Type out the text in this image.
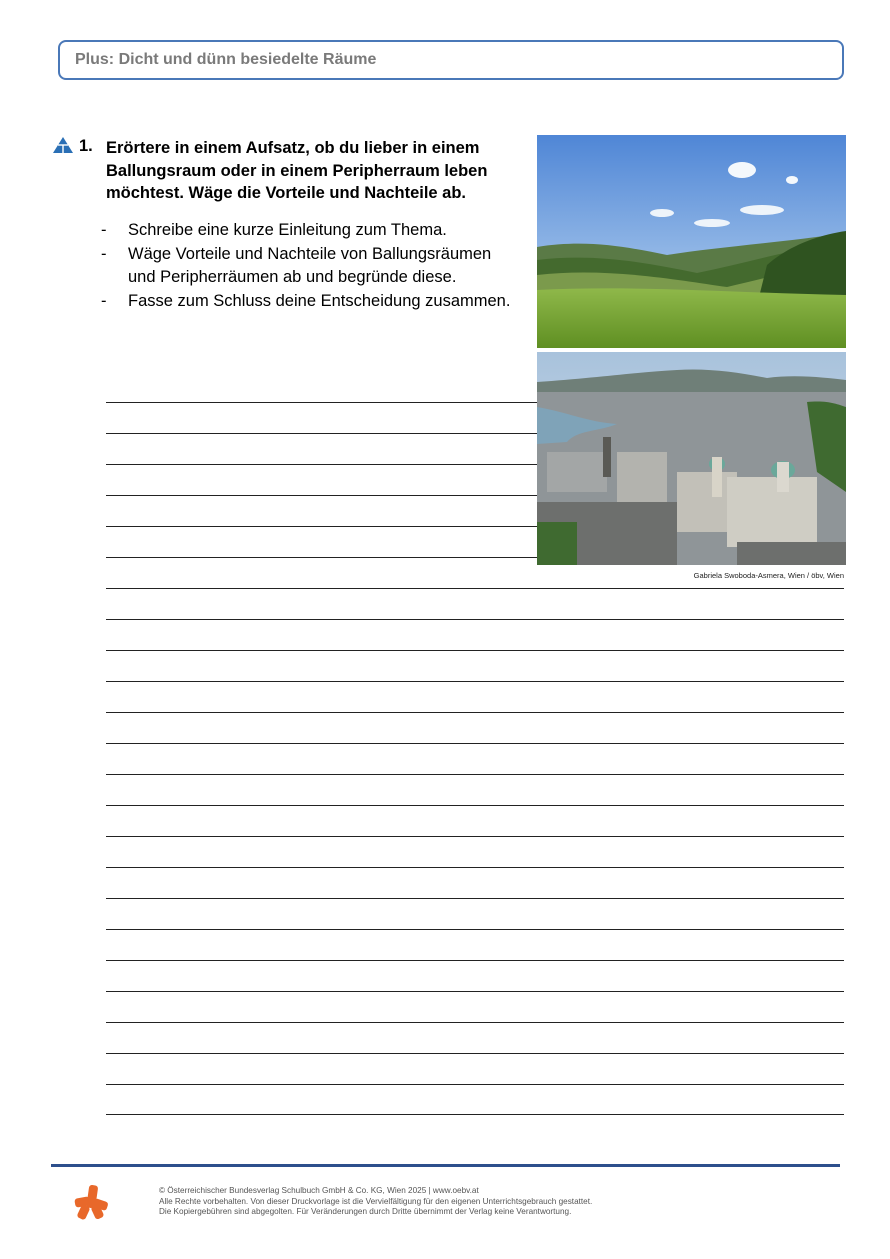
Plus: Dicht und dünn besiedelte Räume
1. Erörtere in einem Aufsatz, ob du lieber in einem Ballungsraum oder in einem Peripherraum leben möchtest. Wäge die Vorteile und Nachteile ab.
- Schreibe eine kurze Einleitung zum Thema.
- Wäge Vorteile und Nachteile von Ballungsräumen und Peripherräumen ab und begründe diese.
- Fasse zum Schluss deine Entscheidung zusammen.
Gabriela Swoboda-Asmera, Wien / öbv, Wien
© Österreichischer Bundesverlag Schulbuch GmbH & Co. KG, Wien 2025 | www.oebv.at
Alle Rechte vorbehalten. Von dieser Druckvorlage ist die Vervielfältigung für den eigenen Unterrichtsgebrauch gestattet.
Die Kopiergebühren sind abgegolten. Für Veränderungen durch Dritte übernimmt der Verlag keine Verantwortung.
